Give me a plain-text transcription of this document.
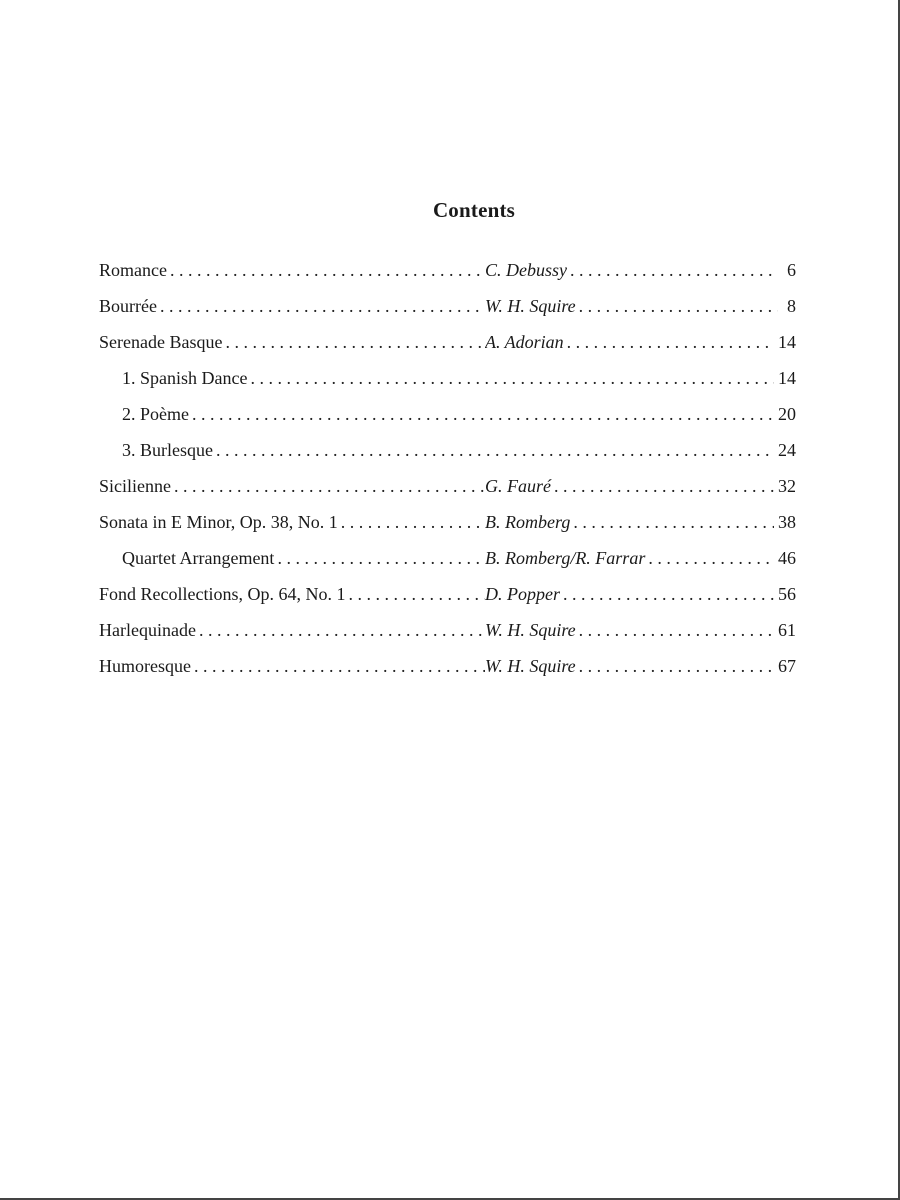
Contents
Romance . . .	C. Debussy . . .	6
Bourrée . . .	W. H. Squire . . .	8
Serenade Basque . . .	A. Adorian . . .	14
1. Spanish Dance . . .	14
2. Poème . . .	20
3. Burlesque . . .	24
Sicilienne . . .	G. Fauré . . .	32
Sonata in E Minor, Op. 38, No. 1 . . .	B. Romberg . . .	38
Quartet Arrangement . . .	B. Romberg/R. Farrar . . .	46
Fond Recollections, Op. 64, No. 1 . . .	D. Popper . . .	56
Harlequinade . . .	W. H. Squire . . .	61
Humoresque . . .	W. H. Squire . . .	67
